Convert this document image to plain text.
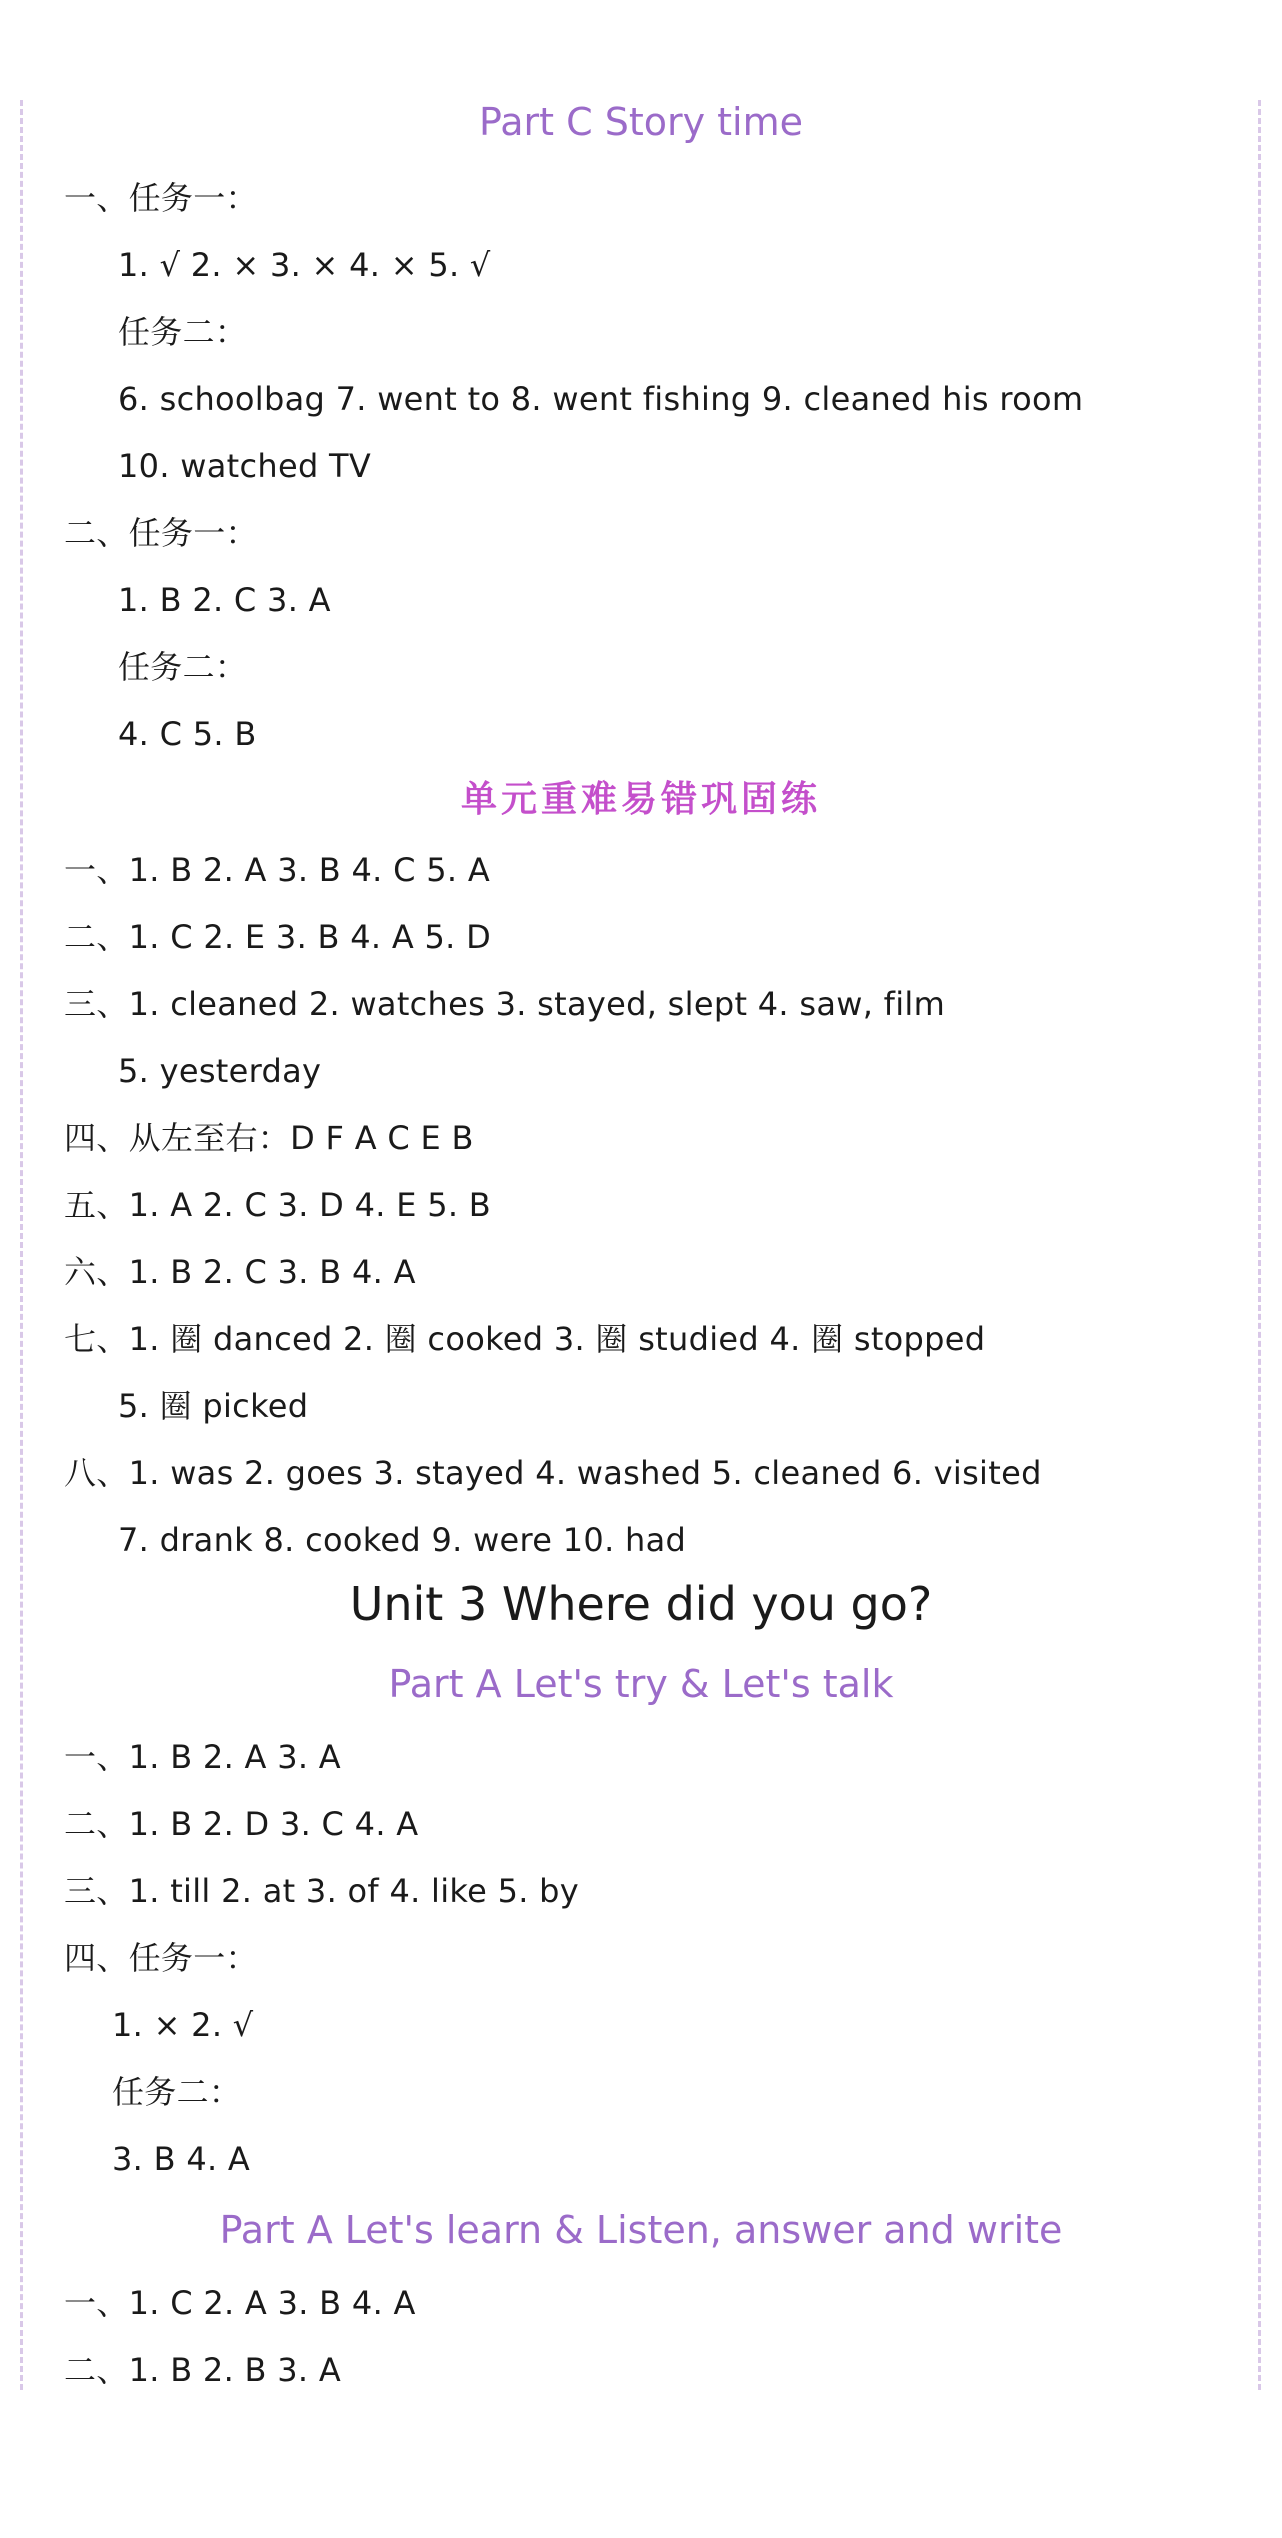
Part C Story time
一、任务一：
1. √ 2. × 3. × 4. × 5. √
任务二：
6. schoolbag 7. went to 8. went fishing 9. cleaned his room
10. watched TV
二、任务一：
1. B 2. C 3. A
任务二：
4. C 5. B
单元重难易错巩固练
一、1. B 2. A 3. B 4. C 5. A
二、1. C 2. E 3. B 4. A 5. D
三、1. cleaned 2. watches 3. stayed, slept 4. saw, film
5. yesterday
四、从左至右：D F A C E B
五、1. A 2. C 3. D 4. E 5. B
六、1. B 2. C 3. B 4. A
七、1. 圈 danced 2. 圈 cooked 3. 圈 studied 4. 圈 stopped
5. 圈 picked
八、1. was 2. goes 3. stayed 4. washed 5. cleaned 6. visited
7. drank 8. cooked 9. were 10. had
Unit 3 Where did you go?
Part A Let's try & Let's talk
一、1. B 2. A 3. A
二、1. B 2. D 3. C 4. A
三、1. till 2. at 3. of 4. like 5. by
四、任务一：
1. × 2. √
任务二：
3. B 4. A
Part A Let's learn & Listen, answer and write
一、1. C 2. A 3. B 4. A
二、1. B 2. B 3. A
